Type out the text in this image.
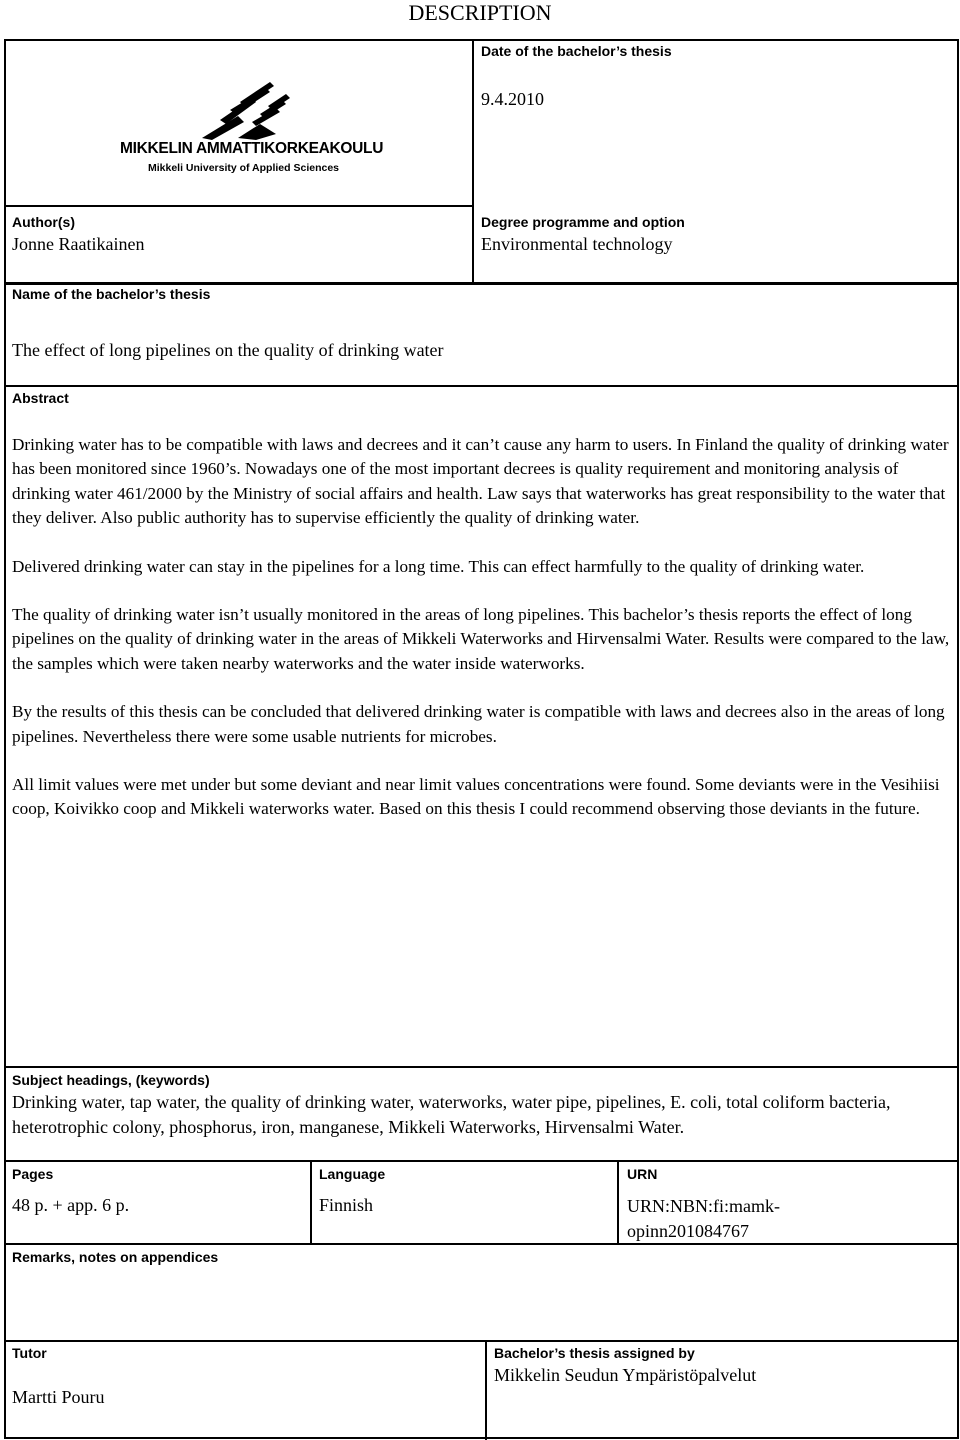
DESCRIPTION
Date of the bachelor’s thesis
9.4.2010
MIKKELIN AMMATTIKORKEAKOULU
Mikkeli University of Applied Sciences
Author(s)
Jonne Raatikainen
Degree programme and option
Environmental technology
Name of the bachelor’s thesis
The effect of long pipelines on the quality of drinking water
Abstract

Drinking water has to be compatible with laws and decrees and it can’t cause any harm to users. In Finland the quality of drinking water has been monitored since 1960’s. Nowadays one of the most important decrees is quality requirement and monitoring analysis of drinking water 461/2000 by the Ministry of social affairs and health. Law says that waterworks has great responsibility to the water that they deliver. Also public authority has to supervise efficiently the quality of drinking water.

Delivered drinking water can stay in the pipelines for a long time. This can effect harmfully to the quality of drinking water.

The quality of drinking water isn’t usually monitored in the areas of long pipelines. This bachelor’s thesis reports the effect of long pipelines on the quality of drinking water in the areas of Mikkeli Waterworks and Hirvensalmi Water. Results were compared to the law, the samples which were taken nearby waterworks and the water inside waterworks.

By the results of this thesis can be concluded that delivered drinking water is compatible with laws and decrees also in the areas of long pipelines. Nevertheless there were some usable nutrients for microbes.

All limit values were met under but some deviant and near limit values concentrations were found. Some deviants were in the Vesihiisi coop, Koivikko coop and Mikkeli waterworks water. Based on this thesis I could recommend observing those deviants in the future.

Subject headings, (keywords)
Drinking water, tap water, the quality of drinking water, waterworks, water pipe, pipelines, E. coli, total coliform bacteria, heterotrophic colony, phosphorus, iron, manganese, Mikkeli Waterworks, Hirvensalmi Water.
Pages
48 p. + app. 6 p.
Language
Finnish
URN
URN:NBN:fi:mamk-opinn201084767
Remarks, notes on appendices
Tutor
Martti Pouru
Bachelor’s thesis assigned by
Mikkelin Seudun Ympäristöpalvelut
